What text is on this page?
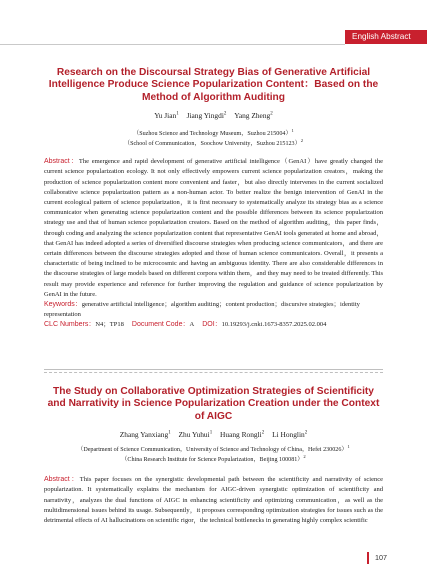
English Abstract
Research on the Discoursal Strategy Bias of Generative Artificial Intelligence Produce Science Popularization Content：Based on the Method of Algorithm Auditing
Yu Jian$^1$ Jiang Yingdi$^2$ Yang Zheng$^2$
（Suzhou Science and Technology Museum，Suzhou 215004）$^1$
（School of Communication，Soochow University，Suzhou 215123）$^2$

Abstract：The emergence and rapid development of generative artificial intelligence（GenAI）have greatly changed the current science popularization ecology. It not only effectively empowers current science popularization creators，making the production of science popularization content more convenient and faster，but also directly intervenes in the current socialized collaborative science popularization pattern as a non-human actor. To better realize the benign intervention of GenAI in the current ecological pattern of science popularization，it is first necessary to systematically analyze its strategy bias as a science communicator when generating science popularization content and the possible differences between its science popularization strategy use and that of human science popularization creators. Based on the method of algorithm auditing，this paper finds，through coding and analyzing the science popularization content that representative GenAI tools generated at home and abroad，that GenAI has indeed adopted a series of diversified discourse strategies when producing science communicators，and there are certain differences between the discourse strategies adopted and those of human science communicators. Overall，it presents a characteristic of being inclined to be microcosmic and having an ambiguous identity. There are also considerable differences in the discourse strategies of large models based on different corpora within them，and they may need to be treated differently. This result may provide experience and reference for further improving the regulation and guidance of science popularization by GenAI in the future.

Keywords：generative artificial intelligence；algorithm auditing；content production；discursive strategies；identity representation

CLC Numbers：N4；TP18 Document Code：A DOI：10.19293/j.cnki.1673-8357.2025.02.004

The Study on Collaborative Optimization Strategies of Scientificity and Narrativity in Science Popularization Creation under the Context of AIGC
Zhang Yanxiang$^1$ Zhu Yuhui$^1$ Huang Rongli$^2$ Li Honglin$^2$
（Department of Science Communication，University of Science and Technology of China，Hefei 230026）$^1$
（China Research Institute for Science Popularization，Beijing 100081）$^2$

Abstract：This paper focuses on the synergistic developmental path between the scientificity and narrativity of science popularization. It systematically explains the mechanism for AIGC-driven synergistic optimization of scientificity and narrativity，analyzes the dual functions of AIGC in enhancing scientificity and optimizing communication，as well as the multidimensional issues behind its usage. Subsequently，it proposes corresponding optimization strategies for issues such as the detrimental effects of AI hallucinations on scientific rigor，the technical bottlenecks in generating highly complex scientific

107
